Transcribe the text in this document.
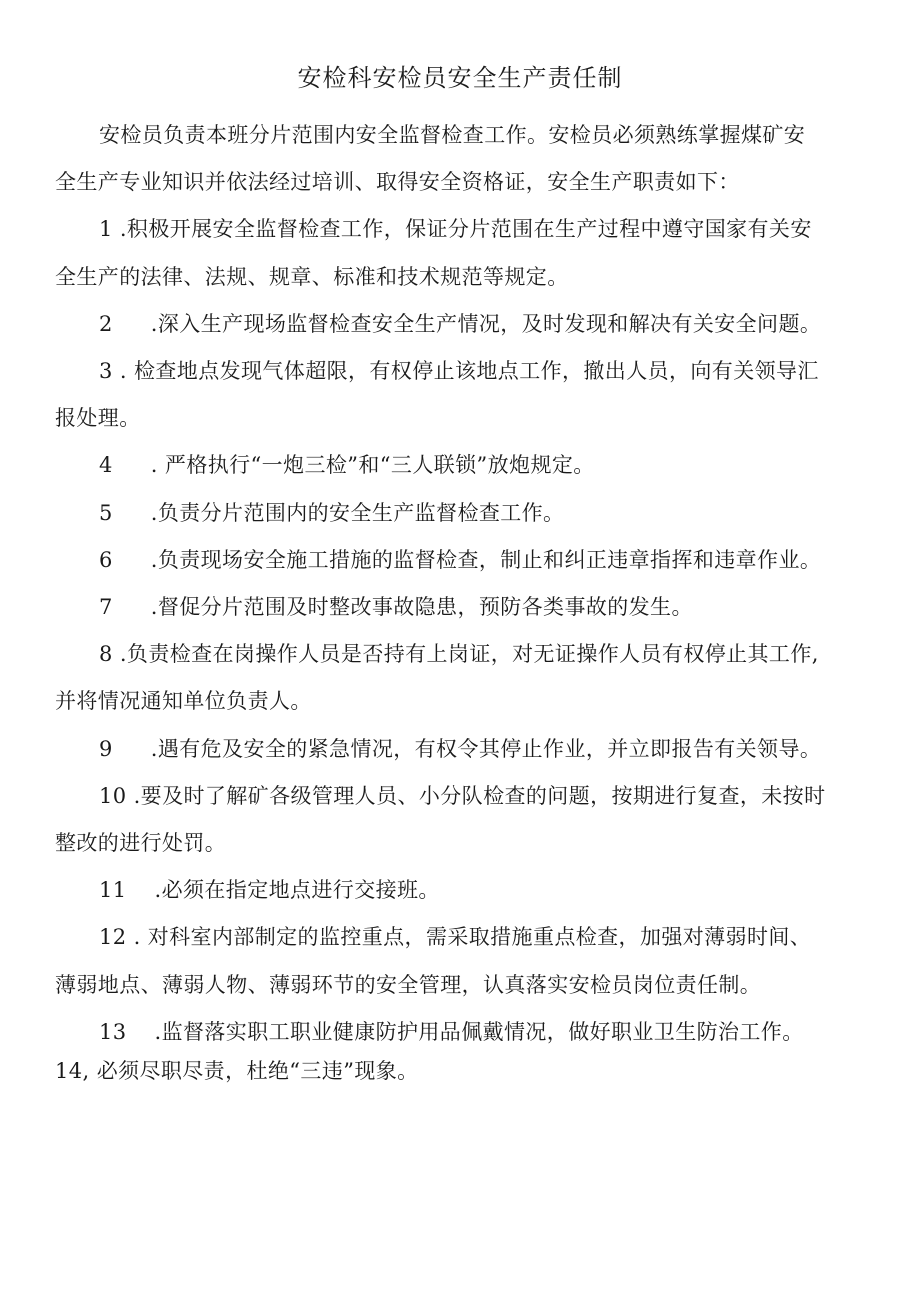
安检科安检员安全生产责任制

安检员负责本班分片范围内安全监督检查工作。安检员必须熟练掌握煤矿安

全生产专业知识并依法经过培训、取得安全资格证，安全生产职责如下：

1 .积极开展安全监督检查工作，保证分片范围在生产过程中遵守国家有关安

全生产的法律、法规、规章、标准和技术规范等规定。

2 .深入生产现场监督检查安全生产情况，及时发现和解决有关安全问题。

3 . 检查地点发现气体超限，有权停止该地点工作，撤出人员，向有关领导汇

报处理。

4 . 严格执行“一炮三检”和“三人联锁”放炮规定。

5 .负责分片范围内的安全生产监督检查工作。

6 .负责现场安全施工措施的监督检查，制止和纠正违章指挥和违章作业。

7 .督促分片范围及时整改事故隐患，预防各类事故的发生。

8 .负责检查在岗操作人员是否持有上岗证，对无证操作人员有权停止其工作,

并将情况通知单位负责人。

9 .遇有危及安全的紧急情况，有权令其停止作业，并立即报告有关领导。

10 .要及时了解矿各级管理人员、小分队检查的问题，按期进行复查，未按时

整改的进行处罚。

11 .必须在指定地点进行交接班。

12 . 对科室内部制定的监控重点，需采取措施重点检查，加强对薄弱时间、

薄弱地点、薄弱人物、薄弱环节的安全管理，认真落实安检员岗位责任制。

13 .监督落实职工职业健康防护用品佩戴情况，做好职业卫生防治工作。

14, 必须尽职尽责，杜绝“三违”现象。
